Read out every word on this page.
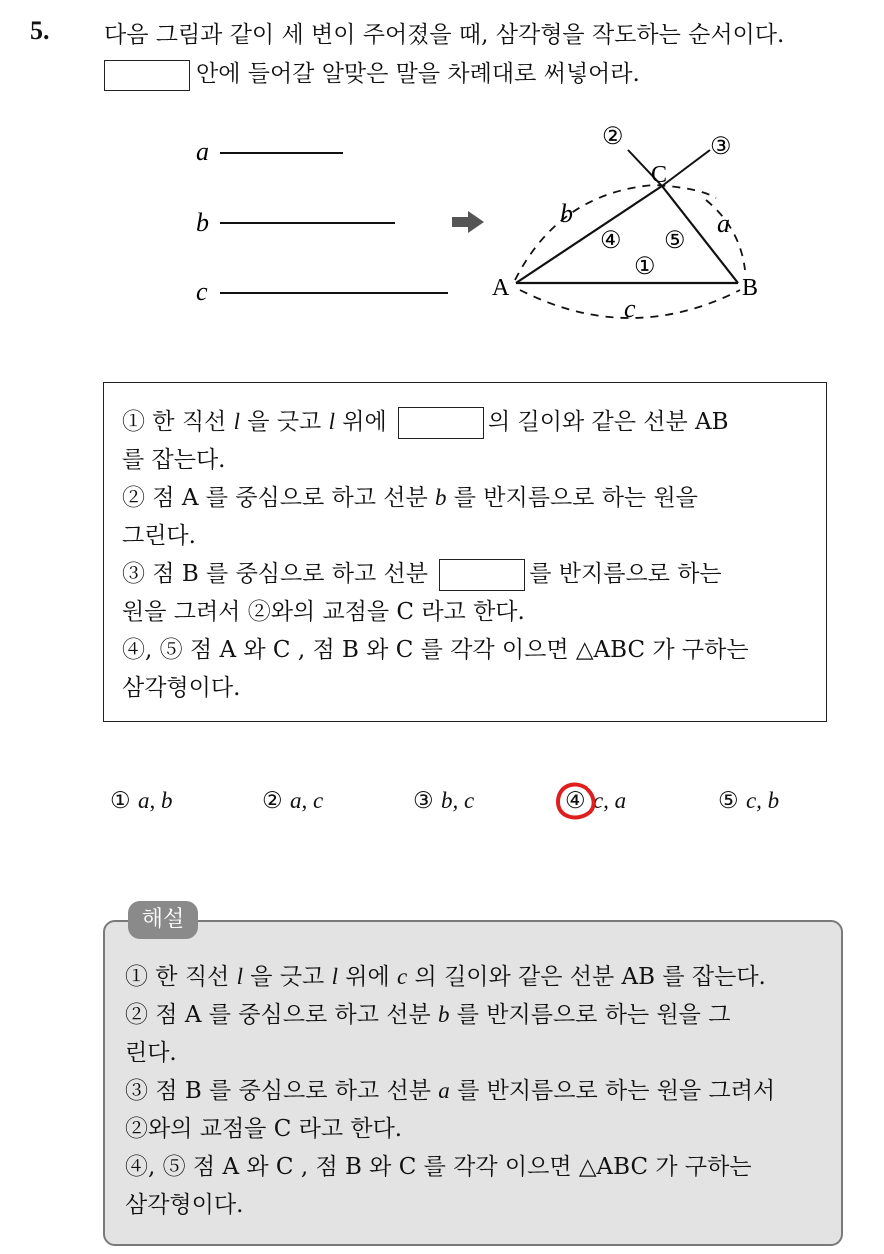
5. 다음 그림과 같이 세 변이 주어졌을 때, 삼각형을 작도하는 순서이다.
안에 들어갈 알맞은 말을 차례대로 써넣어라.
a
b
c	A	B
C
a
b
c
②	③
④ ⑤
①

① 한 직선 l 을 긋고 l 위에	의 길이와 같은 선분 AB

를 잡는다.

② 점 A 를 중심으로 하고 선분 b 를 반지름으로 하는 원을

그린다.

③ 점 B 를 중심으로 하고 선분	를 반지름으로 하는

원을 그려서 ②와의 교점을 C 라고 한다.

④, ⑤ 점 A 와 C , 점 B 와 C 를 각각 이으면 △ABC 가 구하는

삼각형이다.

① a, b	② a, c	③ b, c	④ c, a	⑤ c, b

① 한 직선 l 을 긋고 l 위에 c 의 길이와 같은 선분 AB 를 잡는다.

② 점 A 를 중심으로 하고 선분 b 를 반지름으로 하는 원을 그

린다.

③ 점 B 를 중심으로 하고 선분 a 를 반지름으로 하는 원을 그려서

②와의 교점을 C 라고 한다.

④, ⑤ 점 A 와 C , 점 B 와 C 를 각각 이으면 △ABC 가 구하는

삼각형이다.

해설
